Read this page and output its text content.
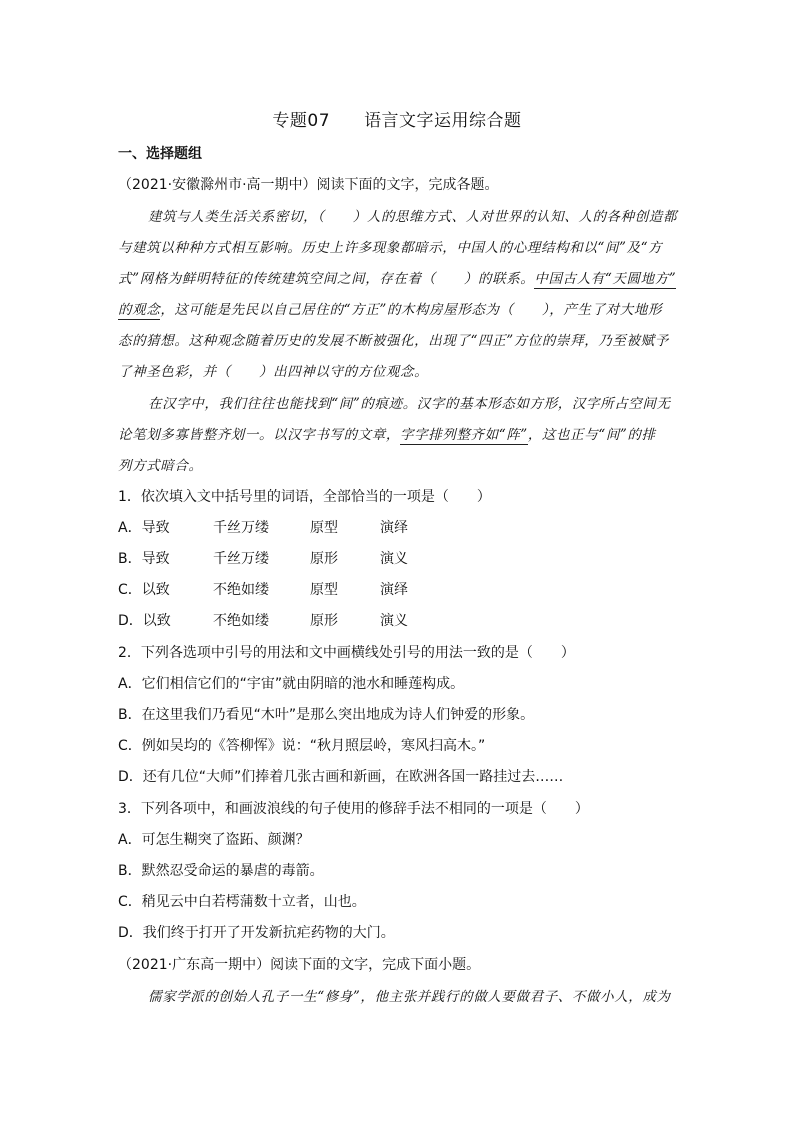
专题07 语言文字运用综合题
一、选择题组
（2021·安徽滁州市·高一期中）阅读下面的文字，完成各题。
建筑与人类生活关系密切，（　　）人的思维方式、人对世界的认知、人的各种创造都
与建筑以种种方式相互影响。历史上许多现象都暗示，中国人的心理结构和以“间”及“方
式”网格为鲜明特征的传统建筑空间之间，存在着（　　）的联系。中国古人有“天圆地方”
的观念，这可能是先民以自己居住的“方正”的木构房屋形态为（　　），产生了对大地形
态的猜想。这种观念随着历史的发展不断被强化，出现了“四正”方位的崇拜，乃至被赋予
了神圣色彩，并（　　）出四神以守的方位观念。
在汉字中，我们往往也能找到“间”的痕迹。汉字的基本形态如方形，汉字所占空间无
论笔划多寡皆整齐划一。以汉字书写的文章，字字排列整齐如“阵”，这也正与“间”的排
列方式暗合。
1．依次填入文中括号里的词语，全部恰当的一项是（　　）
A．导致	千丝万缕	原型	演绎
B．导致	千丝万缕	原形	演义
C．以致	不绝如缕	原型	演绎
D．以致	不绝如缕	原形	演义
2．下列各选项中引号的用法和文中画横线处引号的用法一致的是（　　）
A．它们相信它们的“宇宙”就由阴暗的池水和睡莲构成。
B．在这里我们乃看见“木叶”是那么突出地成为诗人们钟爱的形象。
C．例如吴均的《答柳恽》说：“秋月照层岭，寒风扫高木。”
D．还有几位“大师”们捧着几张古画和新画，在欧洲各国一路挂过去……
3．下列各项中，和画波浪线的句子使用的修辞手法不相同的一项是（　　）
A．可怎生糊突了盗跖、颜渊？
B．默然忍受命运的暴虐的毒箭。
C．稍见云中白若樗蒲数十立者，山也。
D．我们终于打开了开发新抗疟药物的大门。
（2021·广东高一期中）阅读下面的文字，完成下面小题。
儒家学派的创始人孔子一生“修身”，他主张并践行的做人要做君子、不做小人，成为
